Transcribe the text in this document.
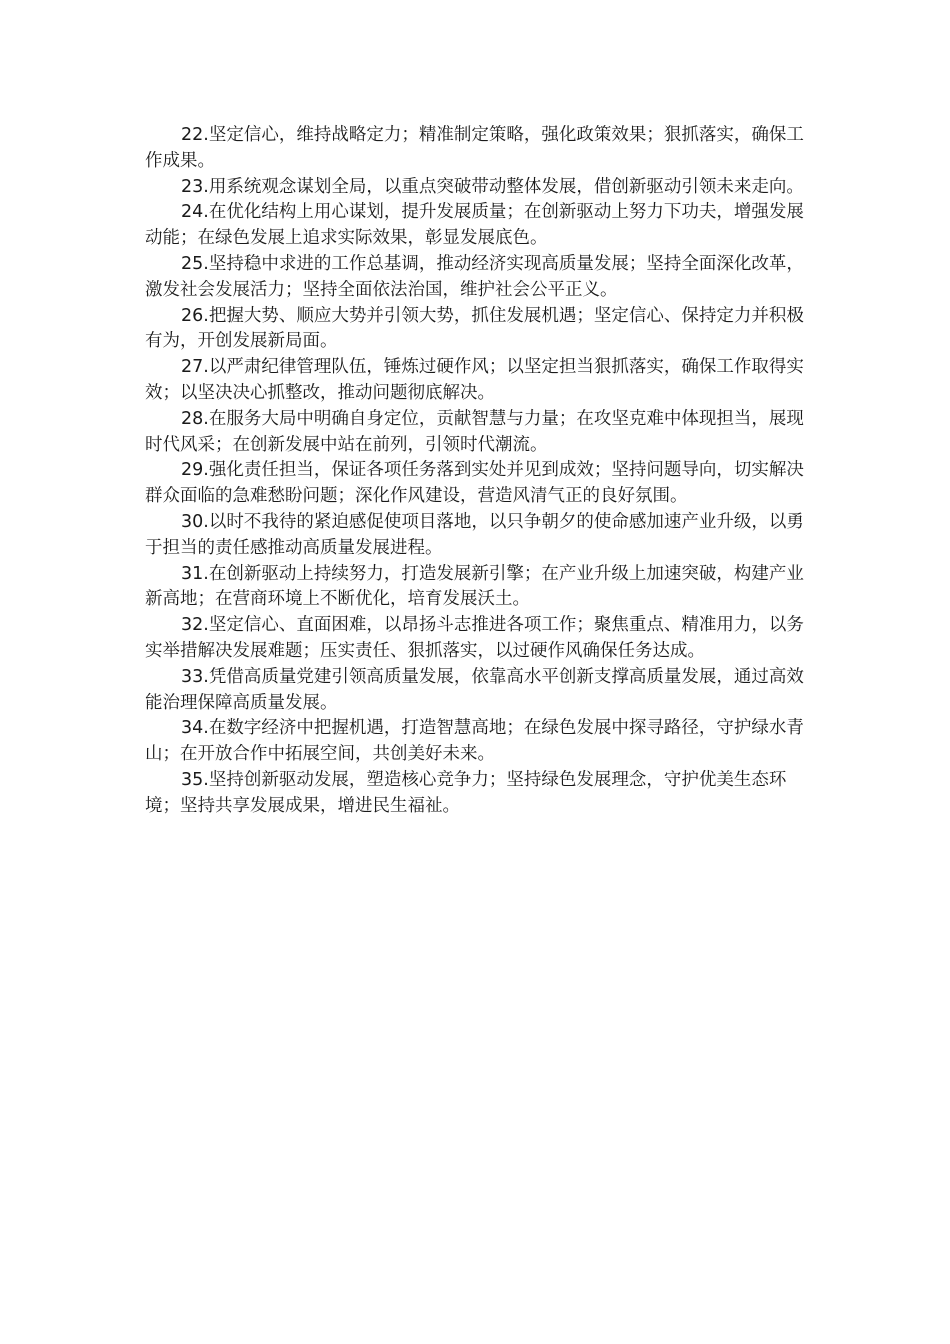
22.坚定信心，维持战略定力；精准制定策略，强化政策效果；狠抓落实，确保工作成果。

23.用系统观念谋划全局，以重点突破带动整体发展，借创新驱动引领未来走向。

24.在优化结构上用心谋划，提升发展质量；在创新驱动上努力下功夫，增强发展动能；在绿色发展上追求实际效果，彰显发展底色。

25.坚持稳中求进的工作总基调，推动经济实现高质量发展；坚持全面深化改革，激发社会发展活力；坚持全面依法治国，维护社会公平正义。

26.把握大势、顺应大势并引领大势，抓住发展机遇；坚定信心、保持定力并积极有为，开创发展新局面。

27.以严肃纪律管理队伍，锤炼过硬作风；以坚定担当狠抓落实，确保工作取得实效；以坚决决心抓整改，推动问题彻底解决。

28.在服务大局中明确自身定位，贡献智慧与力量；在攻坚克难中体现担当，展现时代风采；在创新发展中站在前列，引领时代潮流。

29.强化责任担当，保证各项任务落到实处并见到成效；坚持问题导向，切实解决群众面临的急难愁盼问题；深化作风建设，营造风清气正的良好氛围。

30.以时不我待的紧迫感促使项目落地，以只争朝夕的使命感加速产业升级，以勇于担当的责任感推动高质量发展进程。

31.在创新驱动上持续努力，打造发展新引擎；在产业升级上加速突破，构建产业新高地；在营商环境上不断优化，培育发展沃土。

32.坚定信心、直面困难，以昂扬斗志推进各项工作；聚焦重点、精准用力，以务实举措解决发展难题；压实责任、狠抓落实，以过硬作风确保任务达成。

33.凭借高质量党建引领高质量发展，依靠高水平创新支撑高质量发展，通过高效能治理保障高质量发展。

34.在数字经济中把握机遇，打造智慧高地；在绿色发展中探寻路径，守护绿水青山；在开放合作中拓展空间，共创美好未来。

35.坚持创新驱动发展，塑造核心竞争力；坚持绿色发展理念，守护优美生态环境；坚持共享发展成果，增进民生福祉。
